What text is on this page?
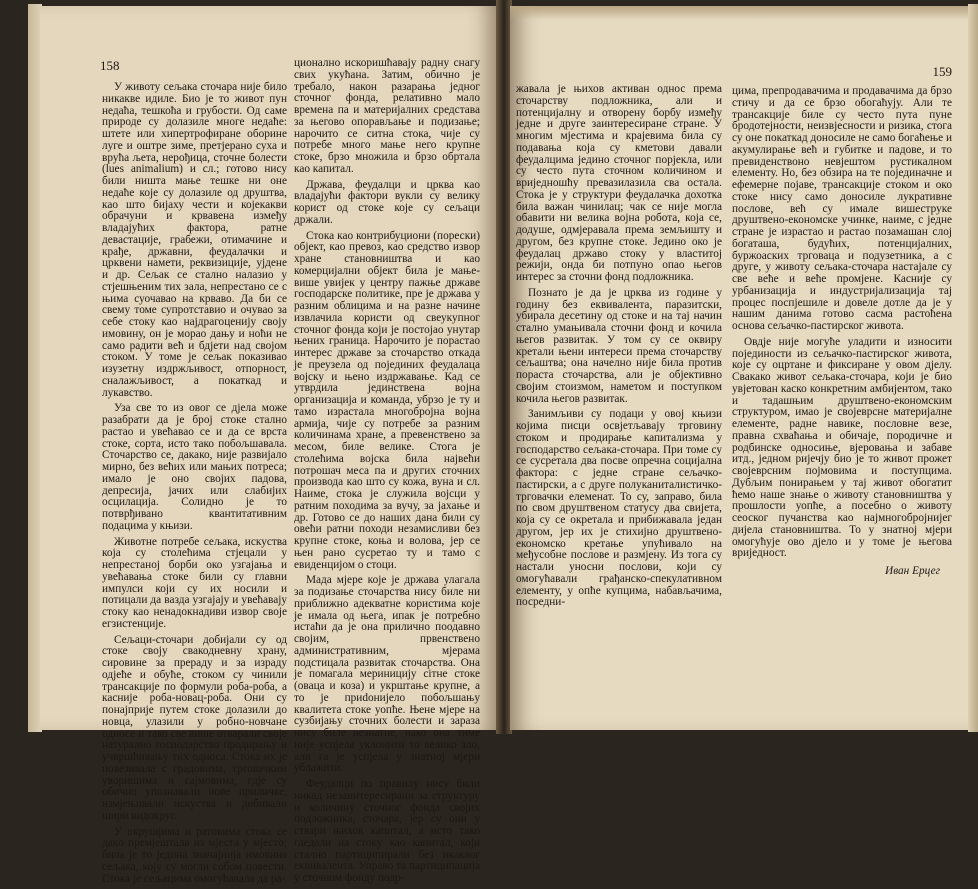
158

У животу сељака сточара није било никакве идиле. Био је то живот пун недаћа, тешкоћа и грубости. Од саме природе су долазиле многе недаће: штете или хипертрофиране оборине луге и оштре зиме, претјерано суха и врућа љета, нерођица, сточне болести (lues animalium) и сл.; готово нису били ништа мање тешке ни оне недаће које су долазиле од друштва, као што бијаху чести и којекакви обрачуни и крвавена између владајућих фактора, ратне девастације, грабежи, отимачине и крађе, државни, феудалачки и црквени намети, реквизиције, ујдене и др. Сељак се стално налазио у стјешњеним тих зала, непрестано се с њима суочавао на крваво. Да би се свему томе супротставио и очувао за себе стоку као најдрагоценију своју имовину, он је морао дању и ноћи не само радити већ и бдјети над својом стоком. У томе је сељак показивао изузетну издржљивост, отпорност, сналажљивост, а покаткад и лукавство.

Уза све то из овог се дјела може разабрати да је број стоке стално растао и увећавао се и да се врста стоке, сорта, исто тако побољшавала. Сточарство се, дакако, није развијало мирно, без већих или мањих потреса; имало је оно својих падова, депресија, јачих или слабијих осцилација. Солидно је то потврђивано квантитативним подацима у књизи.

Животне потребе сељака, искуства која су столећима стјецали у непрестаној борби око узгајања и увећавања стоке били су главни импулси који су их носили и потицали да вазда узгајају и увећавају стоку као ненадокнадиви извор своје егзистенције.

Сељаци-сточари добијали су од стоке своју свакодневну храну, сировине за прераду и за израду одјеће и обуће, стоком су чинили трансакције по формули роба-роба, а касније роба-новац-роба. Они су понајприје путем стоке долазили до новца, улазили у робно-новчане односе и тако све више отварали своје натурално господарство продирању и учвршћивању тих односа. Стока их је повезивала с градовима, трговачким уворишима и сајмовима, гдје су обично упознавали нове приличке, измјењивали искуства и добивали шири видокруг.

У окрушјима и ратовима стока се дакo премјештала из мјеста у мјесто; била је то једина значајнија имовина сељака, коју су могли собом повести. Стока је сељацима омогућавала да ра-

ционално искоришћавају радну снагу свих укућана. Затим, обично је требало, након разарања једног сточног фонда, релативно мало времена па и материјалних средстава за његово опорављање и подизање; нарочито се ситна стока, чије су потребе много мање него крупне стоке, брзо множила и брзо обртала као капитал.

Држава, феудалци и црква као владајући фактори вукли су велику корист од стоке које су сељаци држали.

Стока као контрибуциони (порески) објект, као превоз, као средство извор хране становништва и као комерцијални објект била је мање-више увијек у центру пажње државе господарске политике, пре је држава у разним облицима и на разне начине извлачила користи од свеукупног сточног фонда који је постојао унутар њених граница. Нарочито је порастао интерес државе за сточарство откада је преузела од појединих феудалаца војску и њено издржавање. Кад се утврдила јединствена војна организација и команда, убрзо је ту и тамо израстала многобројна војна армија, чије су потребе за разним количинама хране, а превенствено за месом, биле велике. Стога је столећима војска била највећи потрошач меса па и других сточних производа као што су кожа, вуна и сл. Наиме, стока је служила војсци у ратним походима за вучу, за јахање и др. Готово се до наших дана били су овећи ратни походи незамисливи без крупне стоке, коња и волова, јер се њен рано сусретао ту и тамо с евиденцијом о стоци.

Мада мјере које је држава улагала за подизање сточарства нису биле ни приближно адекватне користима које је имала од њега, ипак је потребно истаћи да је она прилично поодавно својим, првенствено административним, мјерама подстицала развитак сточарства. Она је помагала мериницију сітне стоке (оваца и коза) и укрштање крупне, а то је приdонијело побољшању квалитета стоке уопће. Њене мјере на сузбијању сточних болести и зараза нису биле незнатне, иако она тиме није успјела уклонити то велико зло, али га је успјела у знатној мјери ублажити.

Феудалци по правилу нису били никад незаинтересирани за структуру и количину сточног фонда својих подложника, сточара, јер су они у ствари њихов капитал, а исто тако гледали на стоку као капитал, који стално партиципирали без икаквог еквивалента. Управо та партиципација у сточном фонду подр-

159

жавала је њихов активан однос према сточарству подложника, али и потенцијалну и отворену борбу између једне и друге заинтересиране стране. У многим мјестима и крајевима била су подавања која су кметови давали феудалцима једино сточног порјекла, или су често пута сточном количином и вриједношћу превазилазила сва остала. Стока је у структури феудалачка дохотка била важан чинилац; чак се није могла обавити ни велика војна роботa, која се, додуше, одмјеравала према земљишту и другом, без крупне стоке. Једино око је феудалац државо стоку у властитој режији, онда би потпуно опао његов интерес за сточни фонд подложника.

Познато је да је црква из године у годину без еквивалента, паразитски, убирала десетину од стоке и на тај начин стално умањивала сточни фонд и кочила његов развитак. У том су се оквиру кретали њени интереси према сточарству сељаштва; она начелно није била против пораста сточарства, али је објективно својим стоизмом, наметом и поступком кочила његов развитак.

Занимљиви су подаци у овој књизи којима писци освјетљавају трговину стоком и продирање капитализма у господарство сељака-сточара. При томе су се сусретала два посве опречна социјална фактора: с једне стране сељачко-пастирски, а с друге полуканиталистичко-трговачки елеменат. То су, заправо, била по свом друштвеном статусу два свијета, која су се окретала и прибижавала један другом, јер их је стихијно друштвено-економско кретање упућивало на међусобне послове и размјену. Из тога су настали уносни послови, који су омогућавали грађанско-спекулативном елементу, у опће купцима, набављачима, посредни-

цима, препродавачима и продавачима да брзо стичу и да се брзо обогаћују. Али те трансакције биле су често пута пуне бродотејности, неизвјесности и ризика, стога су оне покаткад доносиле не само богаћење и акумулирање већ и губитке и падове, и то превиденствоно невјештом рустикалном елементу. Но, без обзира на те појединачне и ефемерне појаве, трансакције стоком и око стоке нису само доносиле лукративне послове, већ су имале вишеструке друштвено-економске учинке, наиме, с једне стране је израстао и растао позамашан слој богаташа, будућих, потенцијалних, буржоаских трговаца и подузетника, а с друге, у животу сељака-сточара настајале су све веће и веће промјене. Касније су урбанизација и индустријализација тај процес поспјешиле и довеле дотле да је у нашим данима готово сасма растоћена основа сељачко-пастирског живота.

Овдје није могуће уладити и износити појединости из сељачко-пастирског живота, које су оцртане и фиксиране у овом дјелу. Свакако живот сељака-сточара, који је био увјетован каско конкретним амбијентом, тако и тадашњим друштвено-економским структуром, имао је својеврсне материјалне елементе, радне навике, пословне везе, правна схваћања и обичаје, породичне и родбинске односиње, вјеровања и забаве итд., једном ријечју био је то живот прожет својеврсним појмовима и поступцима. Дубљим понирањем у тај живот обогатит ћемо наше знање о животу становништва у прошлости уопће, а посебно о животу сеоског пучанства као најмногобројнијег дијела становништва. То у знатној мјери омогућује ово дјело и у томе је његова вриједност.

Иван Ерцег
